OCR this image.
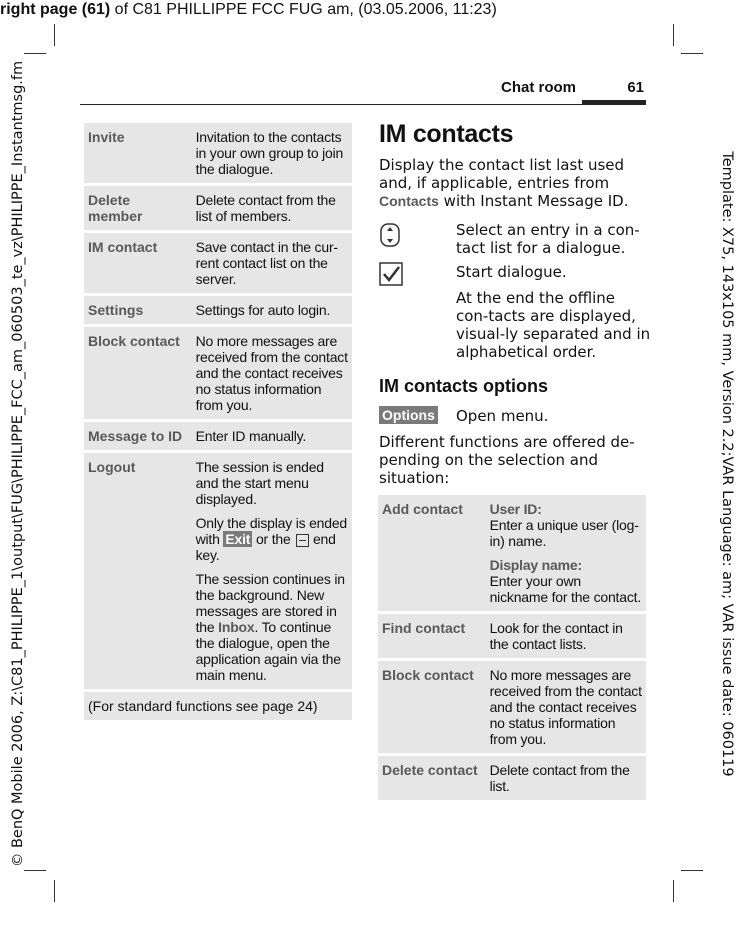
right page (61) of C81 PHILLIPPE FCC FUG am, (03.05.2006, 11:23)
© BenQ Mobile 2006, Z:\C81_PHILIPPE_1\output\FUG\PHILIPPE_FCC_am_060503_te_vz\PHILIPPE_Instantmsg.fm	Template: X75, 143x105 mm, Version 2.2;VAR Language: am; VAR issue date: 060119
Chat room	61
Invite	Invitation to the contacts in your own group to join the dialogue.
Delete member	Delete contact from the list of members.
IM contact	Save contact in the cur-rent contact list on the server.
Settings	Settings for auto login.
Block contact	No more messages are received from the contact and the contact receives no status information from you.
Message to ID	Enter ID manually.
Logout	The session is ended and the start menu displayed.

Only the display is ended with Exit or the  end key.

The session continues in the background. New messages are stored in the Inbox. To continue the dialogue, open the application again via the main menu.

(For standard functions see page 24)	
IM contacts
Display the contact list last used and, if applicable, entries from Contacts with Instant Message ID.
Select an entry in a con-tact list for a dialogue.
Start dialogue.
At the end the offline con-tacts are displayed, visual-ly separated and in alphabetical order.
IM contacts options
Options Open menu.
Different functions are offered de-pending on the selection and situation:
Add contact	User ID:
Enter a unique user (log-in) name.

Display name:
Enter your own nickname for the contact.

Find contact	Look for the contact in the contact lists.
Block contact	No more messages are received from the contact and the contact receives no status information from you.
Delete contact	Delete contact from the list.
